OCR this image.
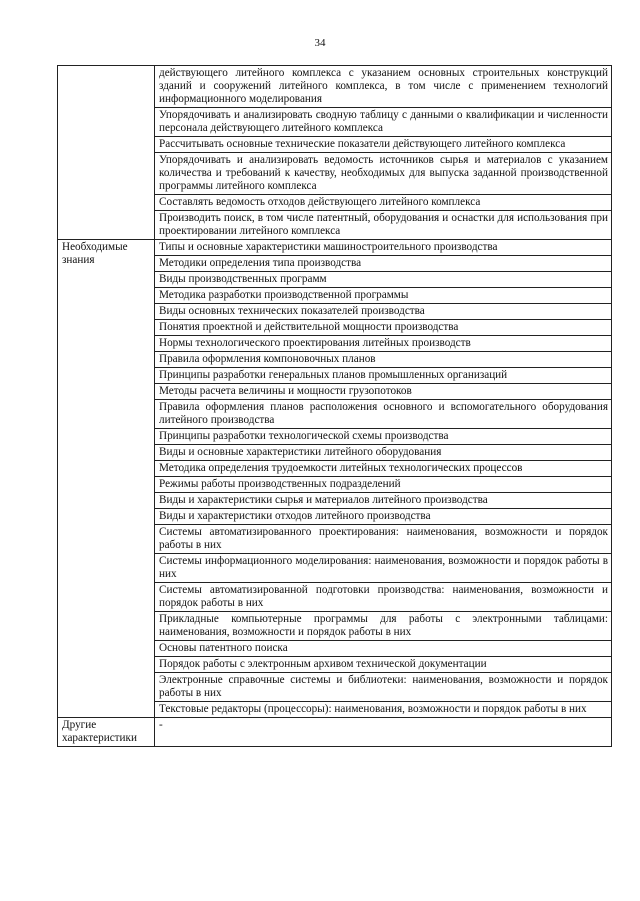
34
	действующего литейного комплекса с указанием основных строительных конструкций зданий и сооружений литейного комплекса, в том числе с применением технологий информационного моделирования
	Упорядочивать и анализировать сводную таблицу с данными о квалификации и численности персонала действующего литейного комплекса
	Рассчитывать основные технические показатели действующего литейного комплекса
	Упорядочивать и анализировать ведомость источников сырья и материалов с указанием количества и требований к качеству, необходимых для выпуска заданной производственной программы литейного комплекса
	Составлять ведомость отходов действующего литейного комплекса
	Производить поиск, в том числе патентный, оборудования и оснастки для использования при проектировании литейного комплекса
Необходимые знания	Типы и основные характеристики машиностроительного производства
	Методики определения типа производства
	Виды производственных программ
	Методика разработки производственной программы
	Виды основных технических показателей производства
	Понятия проектной и действительной мощности производства
	Нормы технологического проектирования литейных производств
	Правила оформления компоновочных планов
	Принципы разработки генеральных планов промышленных организаций
	Методы расчета величины и мощности грузопотоков
	Правила оформления планов расположения основного и вспомогательного оборудования литейного производства
	Принципы разработки технологической схемы производства
	Виды и основные характеристики литейного оборудования
	Методика определения трудоемкости литейных технологических процессов
	Режимы работы производственных подразделений
	Виды и характеристики сырья и материалов литейного производства
	Виды и характеристики отходов литейного производства
	Системы автоматизированного проектирования: наименования, возможности и порядок работы в них
	Системы информационного моделирования: наименования, возможности и порядок работы в них
	Системы автоматизированной подготовки производства: наименования, возможности и порядок работы в них
	Прикладные компьютерные программы для работы с электронными таблицами: наименования, возможности и порядок работы в них
	Основы патентного поиска
	Порядок работы с электронным архивом технической документации
	Электронные справочные системы и библиотеки: наименования, возможности и порядок работы в них
	Текстовые редакторы (процессоры): наименования, возможности и порядок работы в них
Другие характеристики	-
